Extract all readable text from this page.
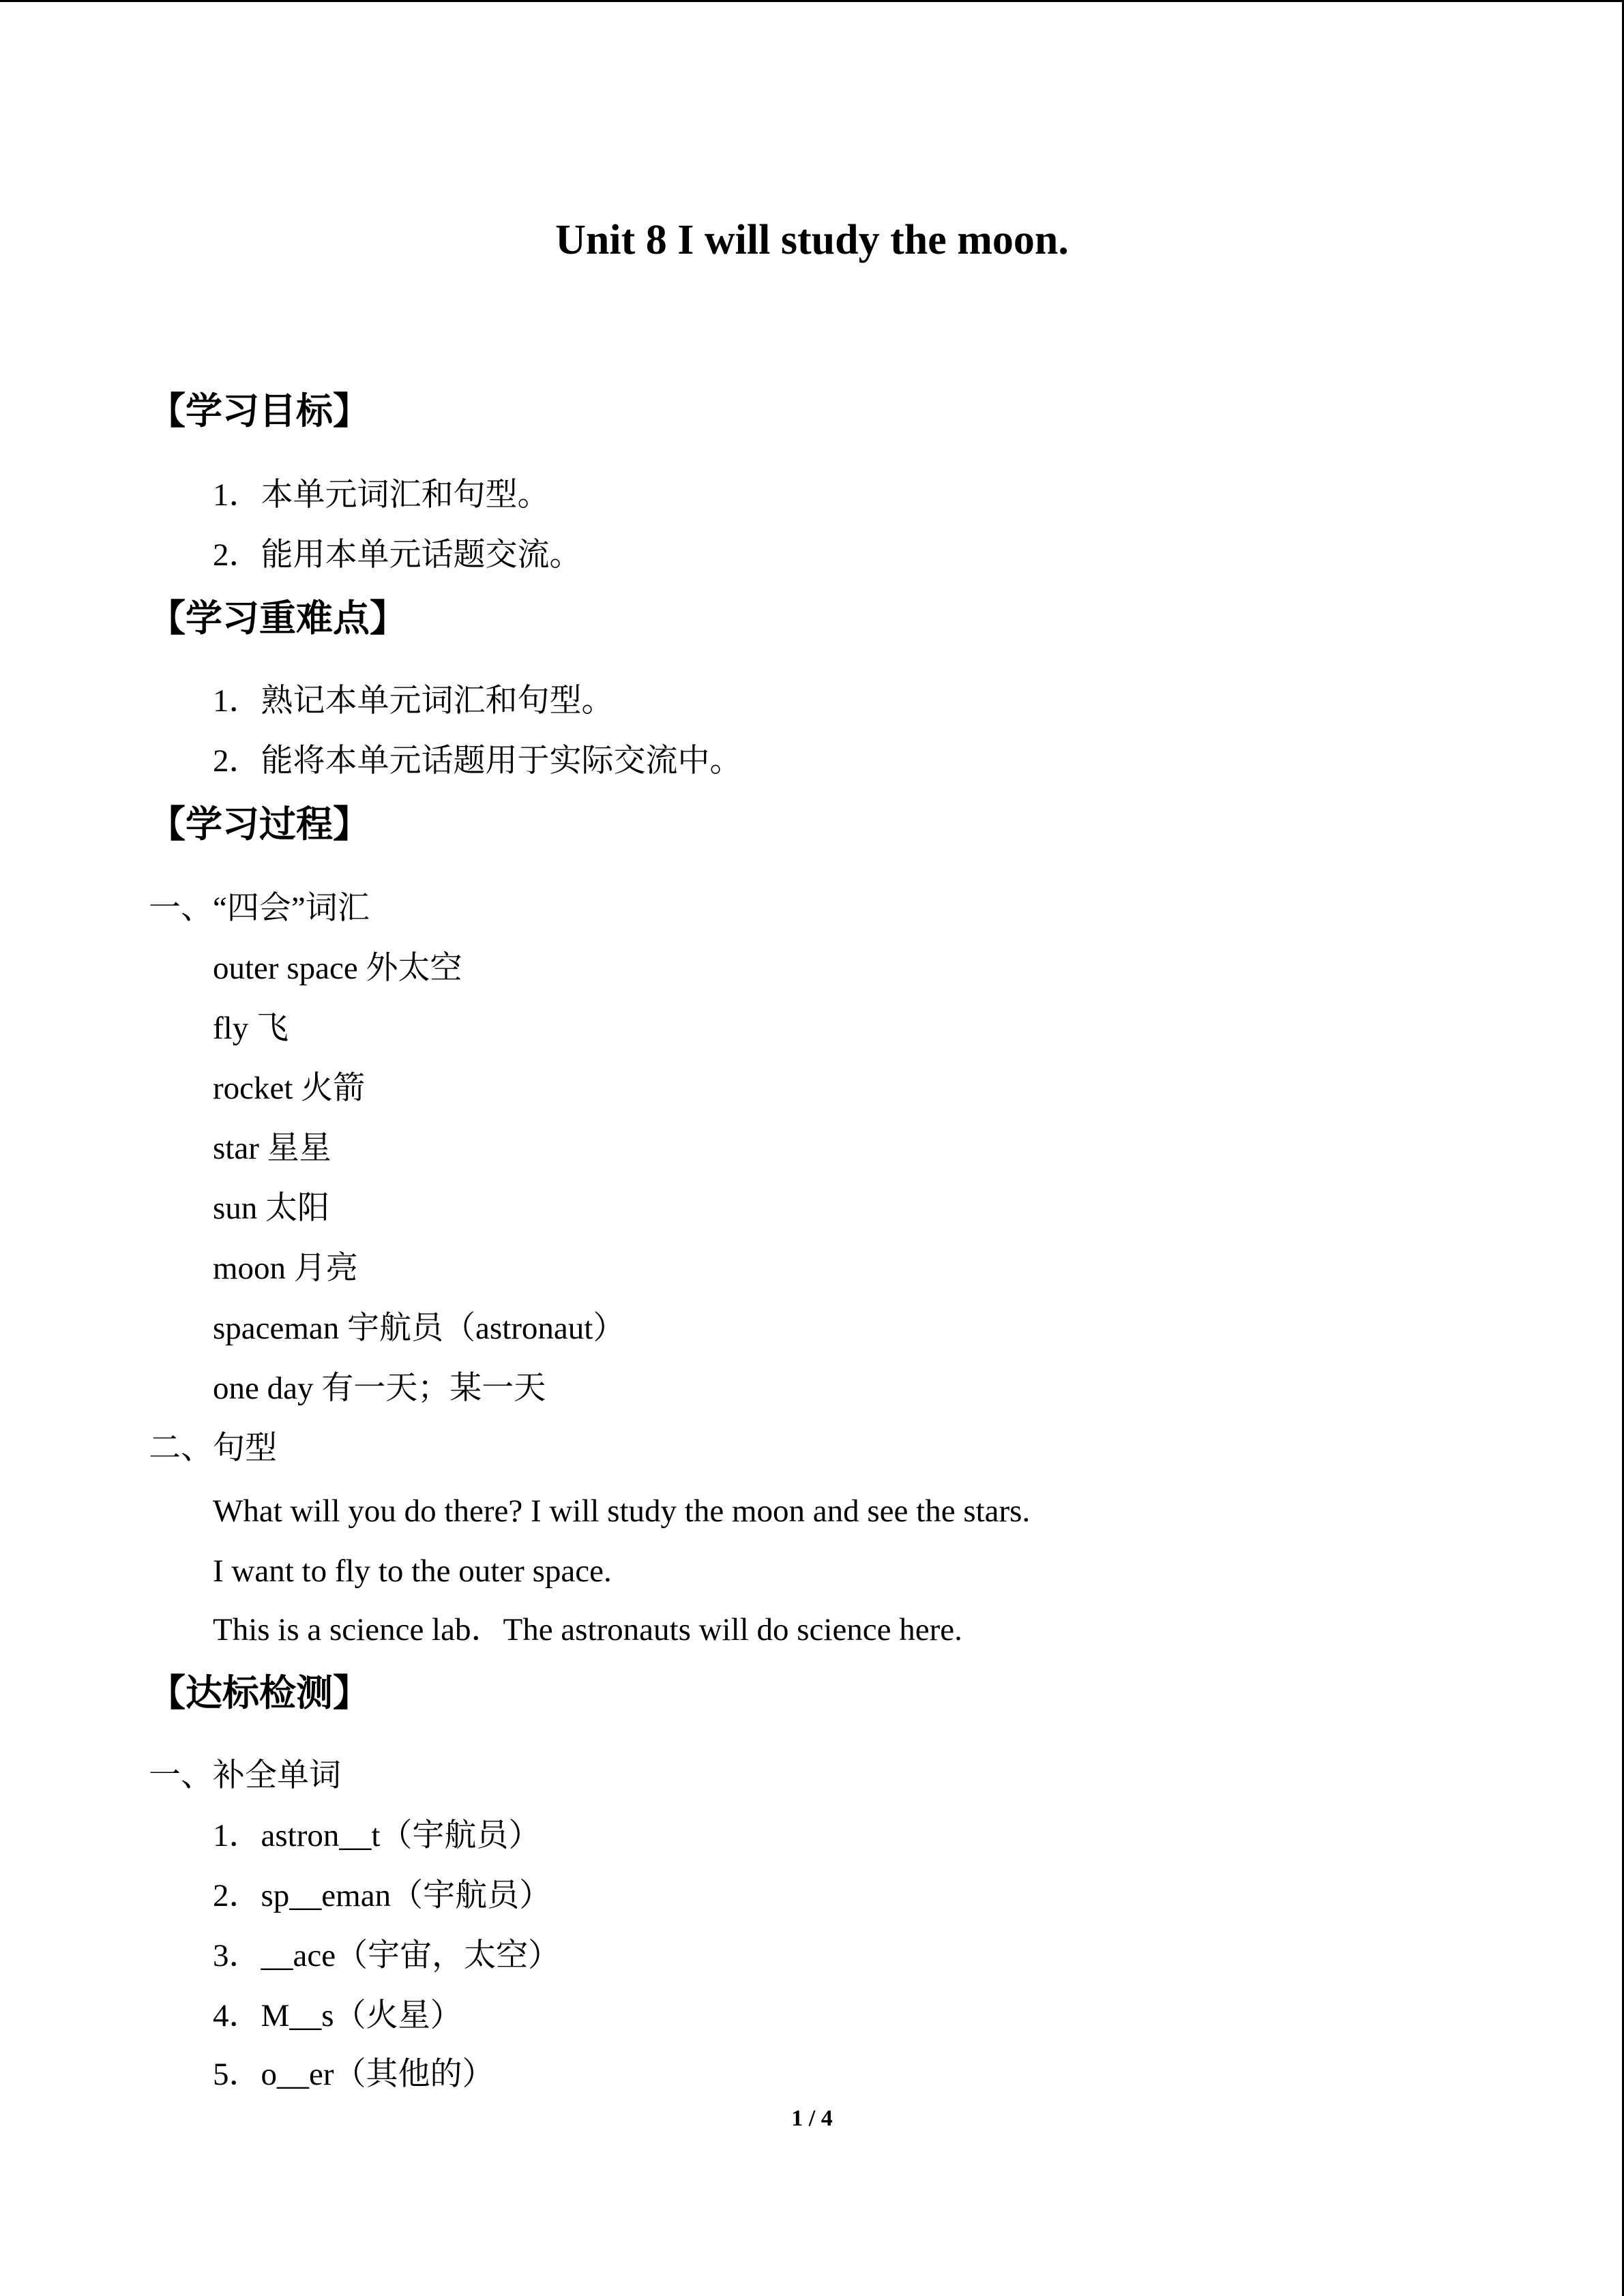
Unit 8 I will study the moon.
【学习目标】
1．本单元词汇和句型。
2．能用本单元话题交流。
【学习重难点】
1．熟记本单元词汇和句型。
2．能将本单元话题用于实际交流中。
【学习过程】
一、“四会”词汇
outer space 外太空
fly 飞
rocket 火箭
star 星星
sun 太阳
moon 月亮
spaceman 宇航员（astronaut）
one day 有一天；某一天
二、句型
What will you do there? I will study the moon and see the stars.
I want to fly to the outer space.
This is a science lab．The astronauts will do science here.
【达标检测】
一、补全单词
1．astron__t（宇航员）
2．sp__eman（宇航员）
3．__ace（宇宙，太空）
4．M__s（火星）
5．o__er（其他的）
1 / 4
